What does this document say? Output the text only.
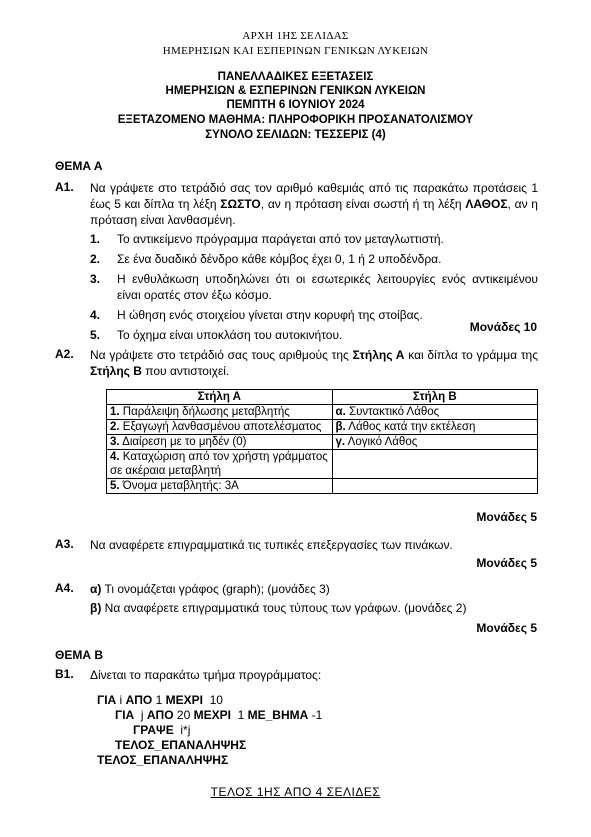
ΑΡΧΗ 1ΗΣ ΣΕΛΙΔΑΣ
ΗΜΕΡΗΣΙΩΝ ΚΑΙ ΕΣΠΕΡΙΝΩΝ ΓΕΝΙΚΩΝ ΛΥΚΕΙΩΝ
ΠΑΝΕΛΛΑΔΙΚΕΣ ΕΞΕΤΑΣΕΙΣ
ΗΜΕΡΗΣΙΩΝ & ΕΣΠΕΡΙΝΩΝ ΓΕΝΙΚΩΝ ΛΥΚΕΙΩΝ
ΠΕΜΠΤΗ 6 ΙΟΥΝΙΟΥ 2024
ΕΞΕΤΑΖΟΜΕΝΟ ΜΑΘΗΜΑ: ΠΛΗΡΟΦΟΡΙΚΗ ΠΡΟΣΑΝΑΤΟΛΙΣΜΟΥ
ΣΥΝΟΛΟ ΣΕΛΙΔΩΝ: ΤΕΣΣΕΡΙΣ (4)
ΘΕΜΑ Α
Α1. Να γράψετε στο τετράδιό σας τον αριθμό καθεμιάς από τις παρακάτω προτάσεις 1 έως 5 και δίπλα τη λέξη ΣΩΣΤΟ, αν η πρόταση είναι σωστή ή τη λέξη ΛΑΘΟΣ, αν η πρόταση είναι λανθασμένη.
1. Το αντικείμενο πρόγραμμα παράγεται από τον μεταγλωττιστή.
2. Σε ένα δυαδικό δένδρο κάθε κόμβος έχει 0, 1 ή 2 υποδένδρα.
3. Η ενθυλάκωση υποδηλώνει ότι οι εσωτερικές λειτουργίες ενός αντικειμένου είναι ορατές στον έξω κόσμο.
4. Η ώθηση ενός στοιχείου γίνεται στην κορυφή της στοίβας.
5. Το όχημα είναι υποκλάση του αυτοκινήτου.
Μονάδες 10
Α2. Να γράψετε στο τετράδιό σας τους αριθμούς της Στήλης Α και δίπλα το γράμμα της Στήλης Β που αντιστοιχεί.
Στήλη Α	Στήλη Β
1. Παράλειψη δήλωσης μεταβλητής	α. Συντακτικό Λάθος
2. Εξαγωγή λανθασμένου αποτελέσματος	β. Λάθος κατά την εκτέλεση
3. Διαίρεση με το μηδέν (0)	γ. Λογικό Λάθος
4. Καταχώριση από τον χρήστη γράμματος σε ακέραια μεταβλητή	
5. Όνομα μεταβλητής: 3Α	
Μονάδες 5
Α3. Να αναφέρετε επιγραμματικά τις τυπικές επεξεργασίες των πινάκων.
Μονάδες 5
Α4. α) Τι ονομάζεται γράφος (graph); (μονάδες 3)
β) Να αναφέρετε επιγραμματικά τους τύπους των γράφων. (μονάδες 2)
Μονάδες 5
ΘΕΜΑ Β
Β1. Δίνεται το παρακάτω τμήμα προγράμματος:
ΓΙΑ i ΑΠΟ 1 ΜΕΧΡΙ  10
ΓΙΑ  j ΑΠΟ 20 ΜΕΧΡΙ  1 ΜΕ_ΒΗΜΑ -1
ΓΡΑΨΕ  i*j
ΤΕΛΟΣ_ΕΠΑΝΑΛΗΨΗΣ
ΤΕΛΟΣ_ΕΠΑΝΑΛΗΨΗΣ
ΤΕΛΟΣ 1ΗΣ ΑΠΟ 4 ΣΕΛΙΔΕΣ
